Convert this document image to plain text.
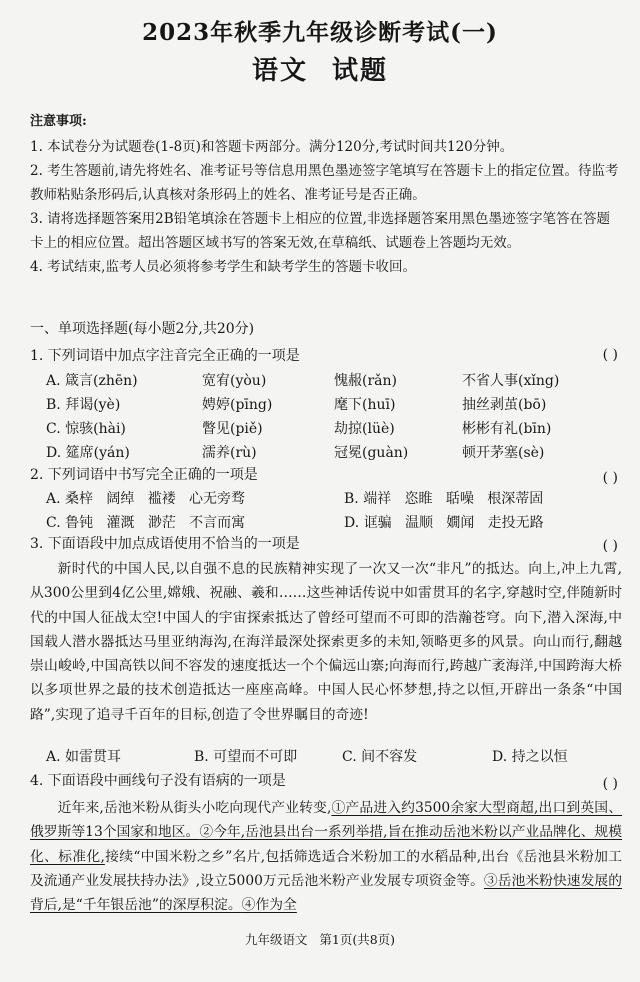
2023年秋季九年级诊断考试(一)
语文 试题
注意事项:

1. 本试卷分为试题卷(1-8页)和答题卡两部分。满分120分,考试时间共120分钟。

2. 考生答题前,请先将姓名、准考证号等信息用黑色墨迹签字笔填写在答题卡上的指定位置。待监考教师粘贴条形码后,认真核对条形码上的姓名、准考证号是否正确。

3. 请将选择题答案用2B铅笔填涂在答题卡上相应的位置,非选择题答案用黑色墨迹签字笔答在答题卡上的相应位置。超出答题区域书写的答案无效,在草稿纸、试题卷上答题均无效。

4. 考试结束,监考人员必须将参考学生和缺考学生的答题卡收回。

一、单项选择题(每小题2分,共20分)
1. 下列词语中加点字注音完全正确的一项是	( )
A. 箴言(zhēn)	宽宥(yòu)	愧赧(rǎn)	不省人事(xǐng)
B. 拜谒(yè)	娉婷(pīng)	麾下(huī)	抽丝剥茧(bō)
C. 惊骇(hài)	瞥见(piě)	劫掠(lüè)	彬彬有礼(bīn)
D. 筵席(yán)	濡养(rù)	冠冕(guàn)	顿开茅塞(sè)
2. 下列词语中书写完全正确的一项是	( )
A. 桑梓   阔绰   褴褛   心无旁骛	B. 端祥   恣睢   聒噪   根深蒂固
C. 鲁钝   灌溉   渺茫   不言而寓	D. 诓骗   温顺   嫺闻   走投无路
3. 下面语段中加点成语使用不恰当的一项是	( )

新时代的中国人民,以自强不息的民族精神实现了一次又一次“非凡”的抵达。向上,冲上九霄,从300公里到4亿公里,嫦娥、祝融、羲和……这些神话传说中如雷贯耳的名字,穿越时空,伴随新时代的中国人征战太空!中国人的宇宙探索抵达了曾经可望而不可即的浩瀚苍穹。向下,潜入深海,中国载人潜水器抵达马里亚纳海沟,在海洋最深处探索更多的未知,领略更多的风景。向山而行,翻越崇山峻岭,中国高铁以间不容发的速度抵达一个个偏远山寨;向海而行,跨越广袤海洋,中国跨海大桥以多项世界之最的技术创造抵达一座座高峰。中国人民心怀梦想,持之以恒,开辟出一条条“中国路”,实现了追寻千百年的目标,创造了令世界瞩目的奇迹!

A. 如雷贯耳	B. 可望而不可即	C. 间不容发	D. 持之以恒
4. 下面语段中画线句子没有语病的一项是	( )

近年来,岳池米粉从街头小吃向现代产业转变,①产品进入约3500余家大型商超,出口到英国、俄罗斯等13个国家和地区。②今年,岳池县出台一系列举措,旨在推动岳池米粉以产业品牌化、规模化、标准化,接续“中国米粉之乡”名片,包括筛选适合米粉加工的水稻品种,出台《岳池县米粉加工及流通产业发展扶持办法》,设立5000万元岳池米粉产业发展专项资金等。③岳池米粉快速发展的背后,是“千年银岳池”的深厚积淀。④作为全

九年级语文   第1页(共8页)
